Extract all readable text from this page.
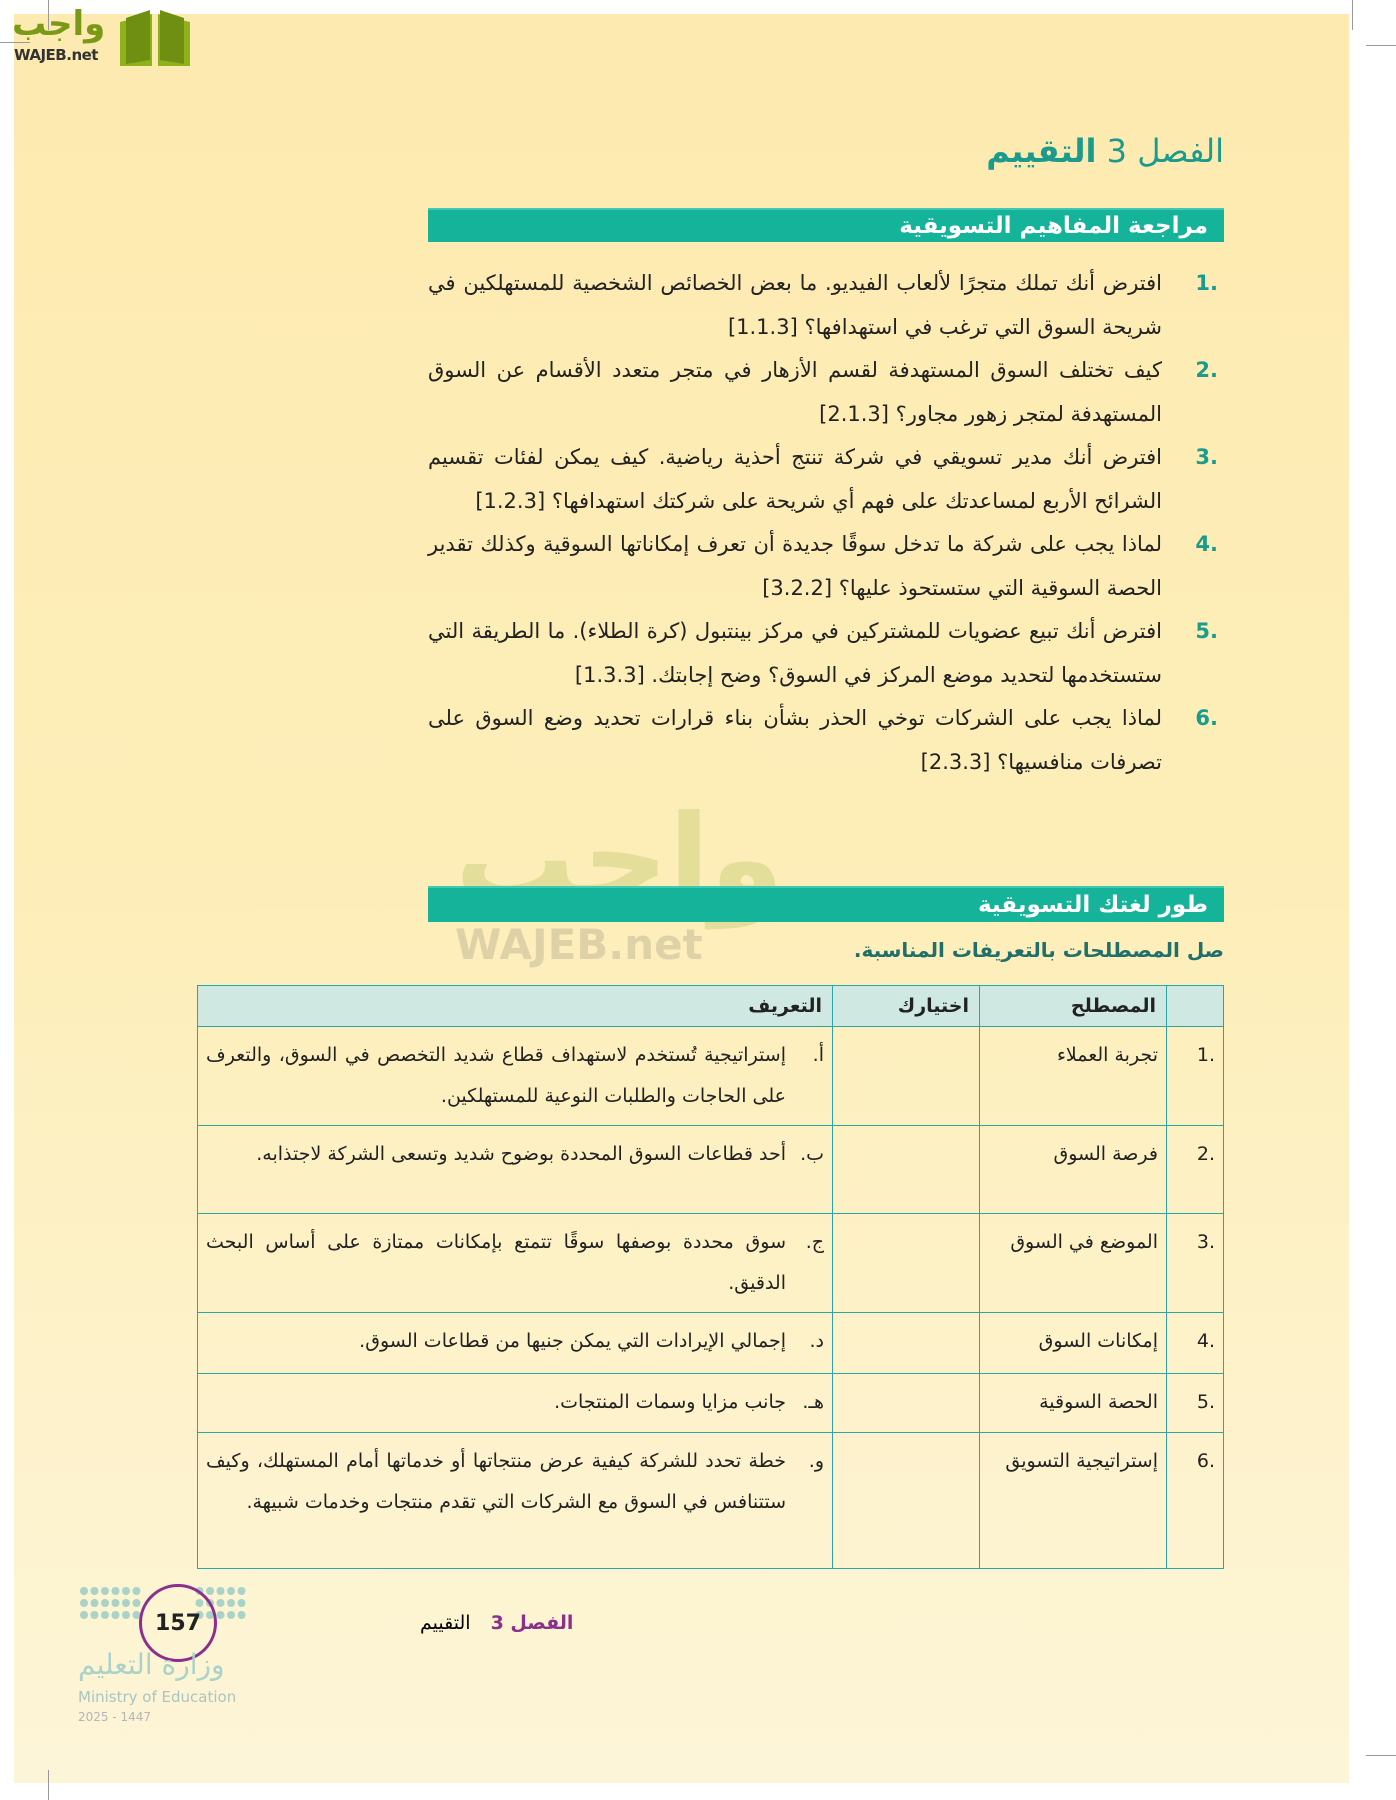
واجب
WAJEB.net
الفصل 3 التقييم
مراجعة المفاهيم التسويقية
.1
افترض أنك تملك متجرًا لألعاب الفيديو. ما بعض الخصائص الشخصية للمستهلكين في شريحة السوق التي ترغب في استهدافها؟ [1.1.3]
.2
كيف تختلف السوق المستهدفة لقسم الأزهار في متجر متعدد الأقسام عن السوق المستهدفة لمتجر زهور مجاور؟ [2.1.3]
.3
افترض أنك مدير تسويقي في شركة تنتج أحذية رياضية. كيف يمكن لفئات تقسيم الشرائح الأربع لمساعدتك على فهم أي شريحة على شركتك استهدافها؟ [1.2.3]
.4
لماذا يجب على شركة ما تدخل سوقًا جديدة أن تعرف إمكاناتها السوقية وكذلك تقدير الحصة السوقية التي ستستحوذ عليها؟ [3.2.2]
.5
افترض أنك تبيع عضويات للمشتركين في مركز بينتبول (كرة الطلاء). ما الطريقة التي ستستخدمها لتحديد موضع المركز في السوق؟ وضح إجابتك. [1.3.3]
.6
لماذا يجب على الشركات توخي الحذر بشأن بناء قرارات تحديد وضع السوق على تصرفات منافسيها؟ [2.3.3]
طور لغتك التسويقية
صل المصطلحات بالتعريفات المناسبة.
	المصطلح	اختيارك	التعريف
.1	تجربة العملاء		أ.
إستراتيجية تُستخدم لاستهداف قطاع شديد التخصص في السوق، والتعرف على الحاجات والطلبات النوعية للمستهلكين.

.2	فرصة السوق		ب.
أحد قطاعات السوق المحددة بوضوح شديد وتسعى الشركة لاجتذابه.

.3	الموضع في السوق		ج.
سوق محددة بوصفها سوقًا تتمتع بإمكانات ممتازة على أساس البحث الدقيق.

.4	إمكانات السوق		د.
إجمالي الإيرادات التي يمكن جنيها من قطاعات السوق.

.5	الحصة السوقية		هـ.
جانب مزايا وسمات المنتجات.

.6	إستراتيجية التسويق		و.
خطة تحدد للشركة كيفية عرض منتجاتها أو خدماتها أمام المستهلك، وكيف ستتنافس في السوق مع الشركات التي تقدم منتجات وخدمات شبيهة.
157
وزارة التعليم
Ministry of Education
2025 - 1447
الفصل 3 التقييم
